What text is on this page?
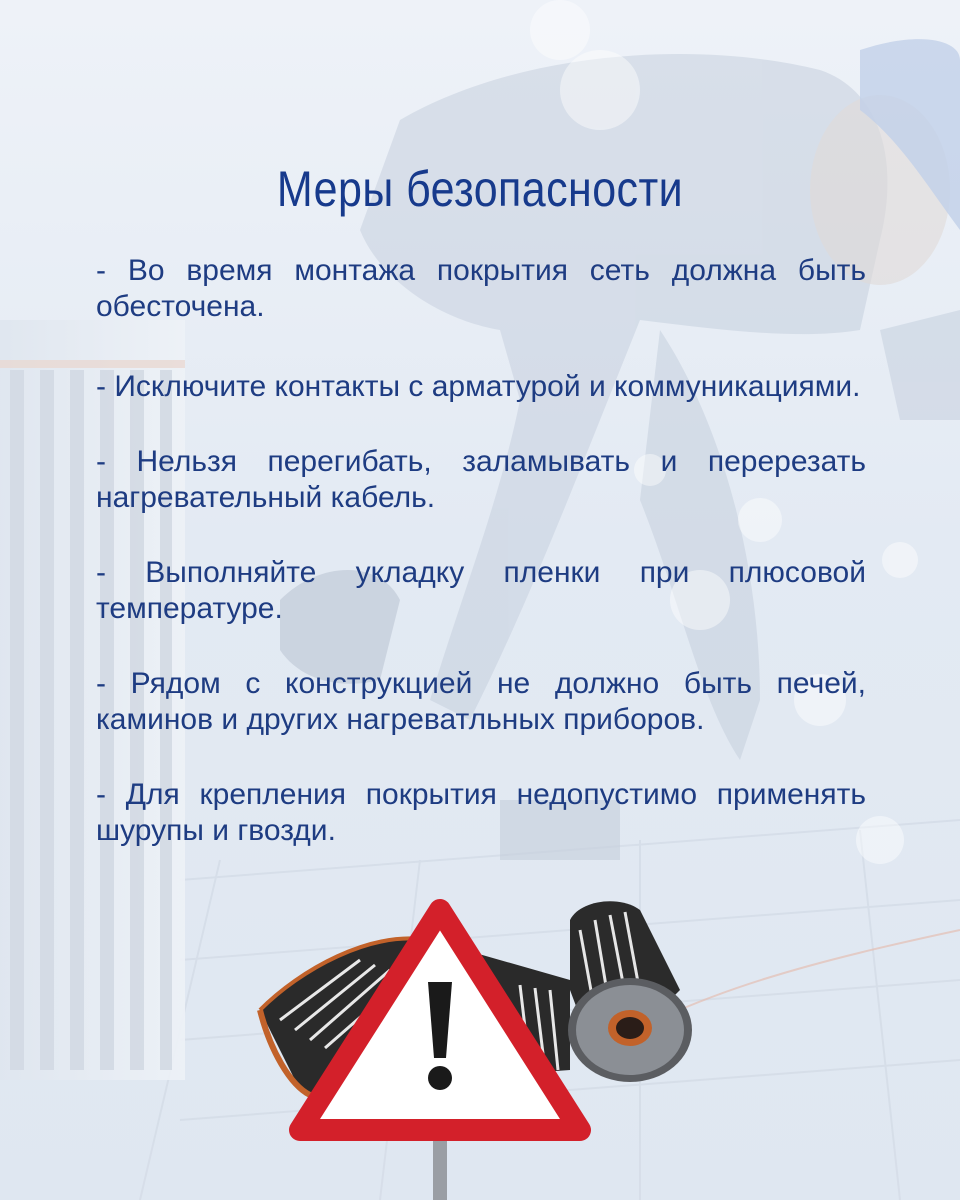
Меры безопасности

- Во время монтажа покрытия сеть должна быть обесточена.

- Исключите контакты с арматурой и коммуникациями.

- Нельзя перегибать, заламывать и перерезать нагревательный кабель.

- Выполняйте укладку пленки при плюсовой температуре.

- Рядом с конструкцией не должно быть печей, каминов и других нагреватльных приборов.

- Для крепления покрытия недопустимо применять шурупы и гвозди.
